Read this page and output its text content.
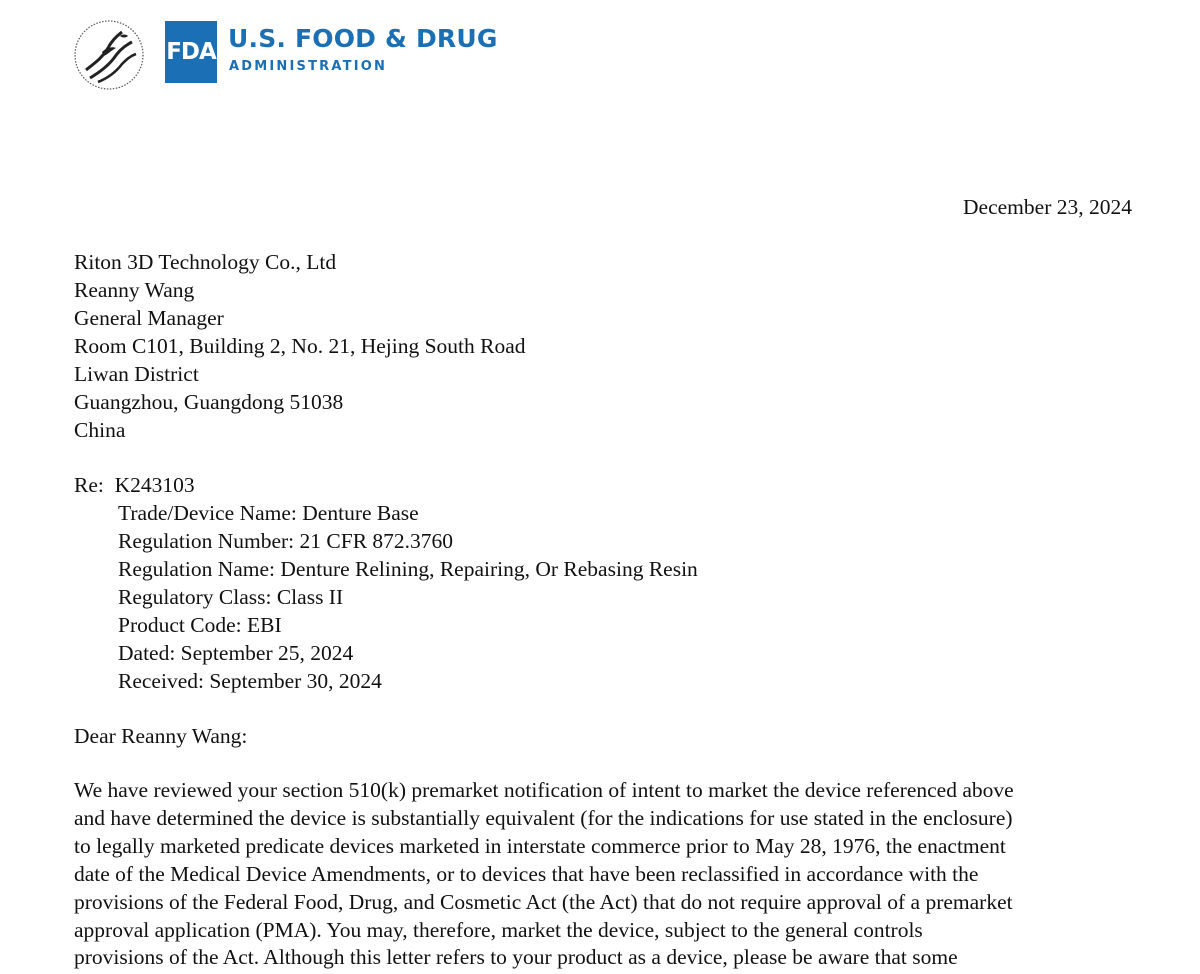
FDA U.S. FOOD & DRUG
ADMINISTRATION
December 23, 2024
Riton 3D Technology Co., Ltd
Reanny Wang
General Manager
Room C101, Building 2, No. 21, Hejing South Road
Liwan District
Guangzhou, Guangdong 51038
China
Re: K243103
Trade/Device Name: Denture Base
Regulation Number: 21 CFR 872.3760
Regulation Name: Denture Relining, Repairing, Or Rebasing Resin
Regulatory Class: Class II
Product Code: EBI
Dated: September 25, 2024
Received: September 30, 2024
Dear Reanny Wang:
We have reviewed your section 510(k) premarket notification of intent to market the device referenced above
and have determined the device is substantially equivalent (for the indications for use stated in the enclosure)
to legally marketed predicate devices marketed in interstate commerce prior to May 28, 1976, the enactment
date of the Medical Device Amendments, or to devices that have been reclassified in accordance with the
provisions of the Federal Food, Drug, and Cosmetic Act (the Act) that do not require approval of a premarket
approval application (PMA). You may, therefore, market the device, subject to the general controls
provisions of the Act. Although this letter refers to your product as a device, please be aware that some
